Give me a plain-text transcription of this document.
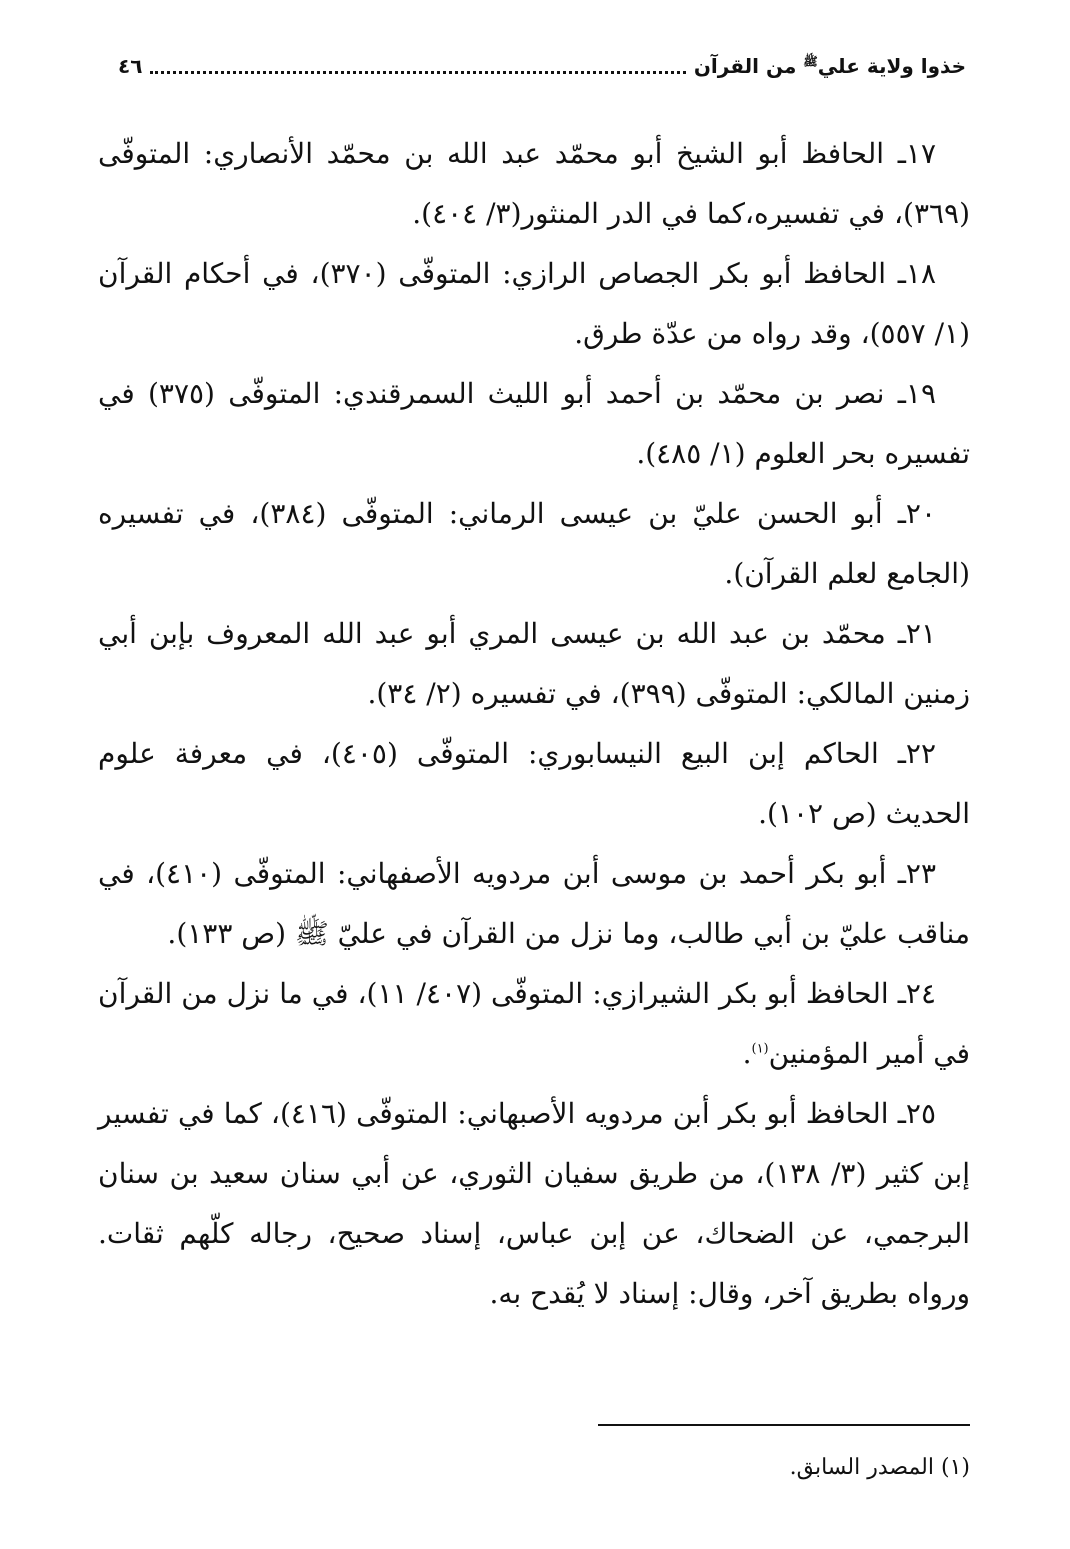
خذوا ولاية علي$^ﷺ$ من القرآن
٤٦

١٧ـ الحافظ أبو الشيخ أبو محمّد عبد الله بن محمّد الأنصاري: المتوفّى (٣٦٩)، في تفسيره،كما في الدر المنثور(٣/ ٤٠٤).

١٨ـ الحافظ أبو بكر الجصاص الرازي: المتوفّى (٣٧٠)، في أحكام القرآن (١/ ٥٥٧)، وقد رواه من عدّة طرق.

١٩ـ نصر بن محمّد بن أحمد أبو الليث السمرقندي: المتوفّى (٣٧٥) في تفسيره بحر العلوم (١/ ٤٨٥).

٢٠ـ أبو الحسن عليّ بن عيسى الرماني: المتوفّى (٣٨٤)، في تفسيره (الجامع لعلم القرآن).

٢١ـ محمّد بن عبد الله بن عيسى المري أبو عبد الله المعروف بإبن أبي زمنين المالكي: المتوفّى (٣٩٩)، في تفسيره (٢/ ٣٤).

٢٢ـ الحاكم إبن البيع النيسابوري: المتوفّى (٤٠٥)، في معرفة علوم الحديث (ص ١٠٢).

٢٣ـ أبو بكر أحمد بن موسى أبن مردويه الأصفهاني: المتوفّى (٤١٠)، في مناقب عليّ بن أبي طالب، وما نزل من القرآن في عليّ ﷺ (ص ١٣٣).

٢٤ـ الحافظ أبو بكر الشيرازي: المتوفّى (٤٠٧/ ١١)، في ما نزل من القرآن في أمير المؤمنين$^{(١)}$.

٢٥ـ الحافظ أبو بكر أبن مردويه الأصبهاني: المتوفّى (٤١٦)، كما في تفسير إبن كثير (٣/ ١٣٨)، من طريق سفيان الثوري، عن أبي سنان سعيد بن سنان البرجمي، عن الضحاك، عن إبن عباس، إسناد صحيح، رجاله كلّهم ثقات. ورواه بطريق آخر، وقال: إسناد لا يُقدح به.

(١) المصدر السابق.
